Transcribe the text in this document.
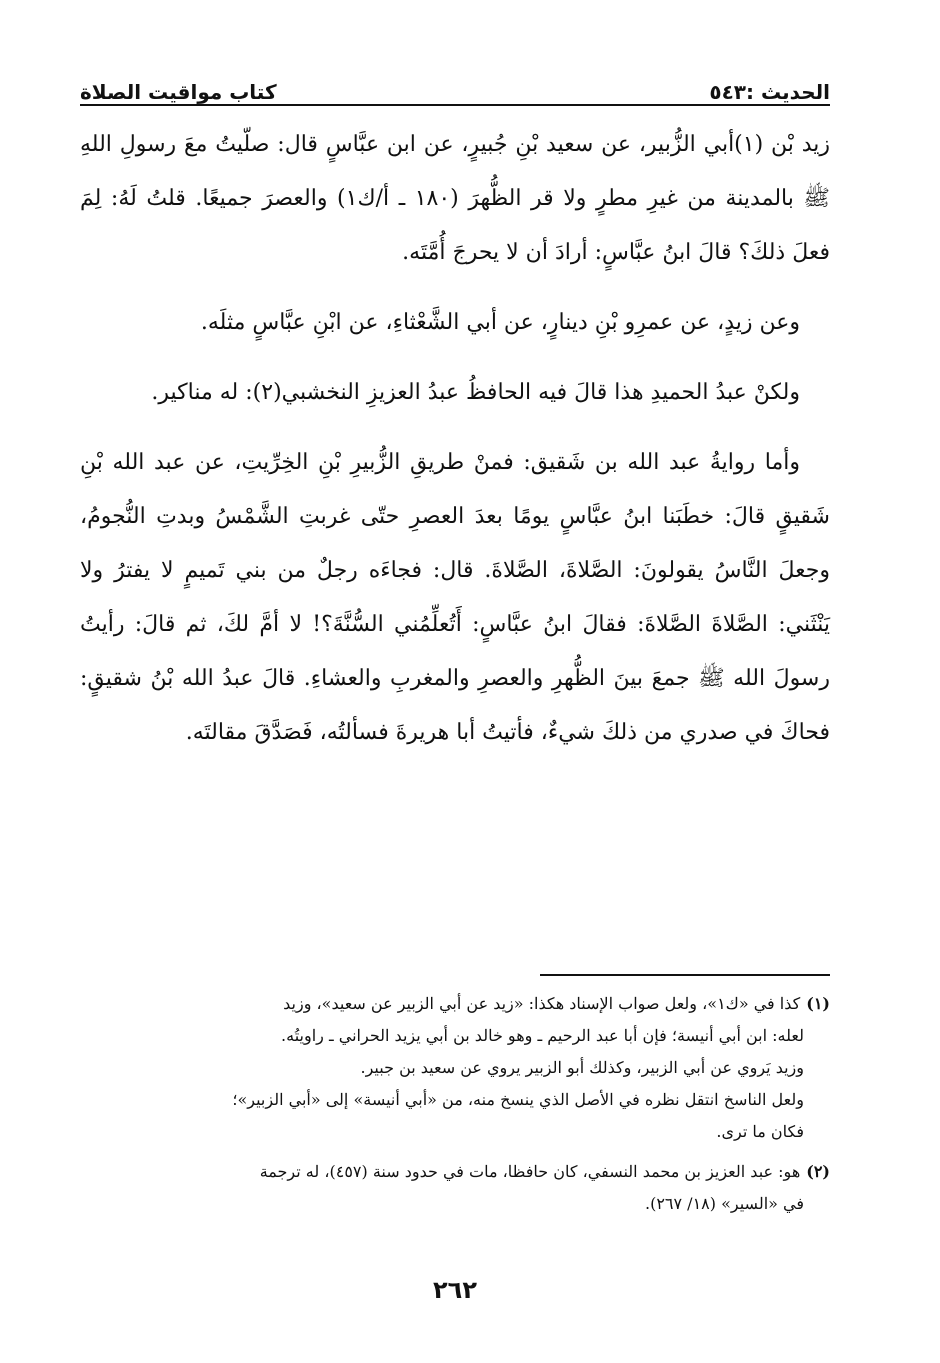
الحديث :٥٤٣
كتاب مواقيت الصلاة

زيد بْن (١)أبي الزُّبير، عن سعيد بْنِ جُبيرٍ، عن ابن عبَّاسٍ قال: صلّيتُ معَ رسولِ اللهِ ﷺ بالمدينة من غيرِ مطرٍ ولا قر الظُّهرَ (١٨٠ ـ أ/ك١) والعصرَ جميعًا. قلتُ لَهُ: لِمَ فعلَ ذلكَ؟ قالَ ابنُ عبَّاسٍ: أرادَ أن لا يحرجَ أُمَّتَه.

وعن زيدٍ، عن عمرِو بْنِ دينارٍ، عن أبي الشَّعْثاءِ، عن ابْنِ عبَّاسٍ مثلَه.

ولكنْ عبدُ الحميدِ هذا قالَ فيه الحافظُ عبدُ العزيزِ النخشبي(٢): له مناكير.

وأما روايةُ عبد الله بن شَقيق: فمنْ طريقِ الزُّبيرِ بْنِ الخِرِّيتِ، عن عبد الله بْنِ شَقيقٍ قالَ: خطَبَنا ابنُ عبَّاسٍ يومًا بعدَ العصرِ حتّى غربتِ الشَّمْسُ وبدتِ النُّجومُ، وجعلَ النَّاسُ يقولونَ: الصَّلاةَ، الصَّلاةَ. قال: فجاءَه رجلٌ من بني تَميمٍ لا يفترُ ولا يَنْثَني: الصَّلاةَ الصَّلاةَ: فقالَ ابنُ عبَّاسٍ: أَتُعلِّمُني السُّنَّةَ؟! لا أمَّ لكَ، ثم قالَ: رأيتُ رسولَ الله ﷺ جمعَ بينَ الظُّهرِ والعصرِ والمغربِ والعشاءِ. قالَ عبدُ الله بْنُ شقيقٍ: فحاكَ في صدري من ذلكَ شيءٌ، فأتيتُ أبا هريرةَ فسألتُه، فَصَدَّقَ مقالتَه.

(١)كذا في «ك١»، ولعل صواب الإسناد هكذا: «زيد عن أبي الزبير عن سعيد»، وزيد
لعله: ابن أبي أنيسة؛ فإن أبا عبد الرحيم ـ وهو خالد بن أبي يزيد الحراني ـ راويتُه.
وزيد يَروي عن أبي الزبير، وكذلك أبو الزبير يروي عن سعيد بن جبير.
ولعل الناسخ انتقل نظره في الأصل الذي ينسخ منه، من «أبي أنيسة» إلى «أبي الزبير»؛
فكان ما ترى.
(٢)هو: عبد العزيز بن محمد النسفي، كان حافظا، مات في حدود سنة (٤٥٧)، له ترجمة
في «السير» (١٨/ ٢٦٧).
٢٦٢
